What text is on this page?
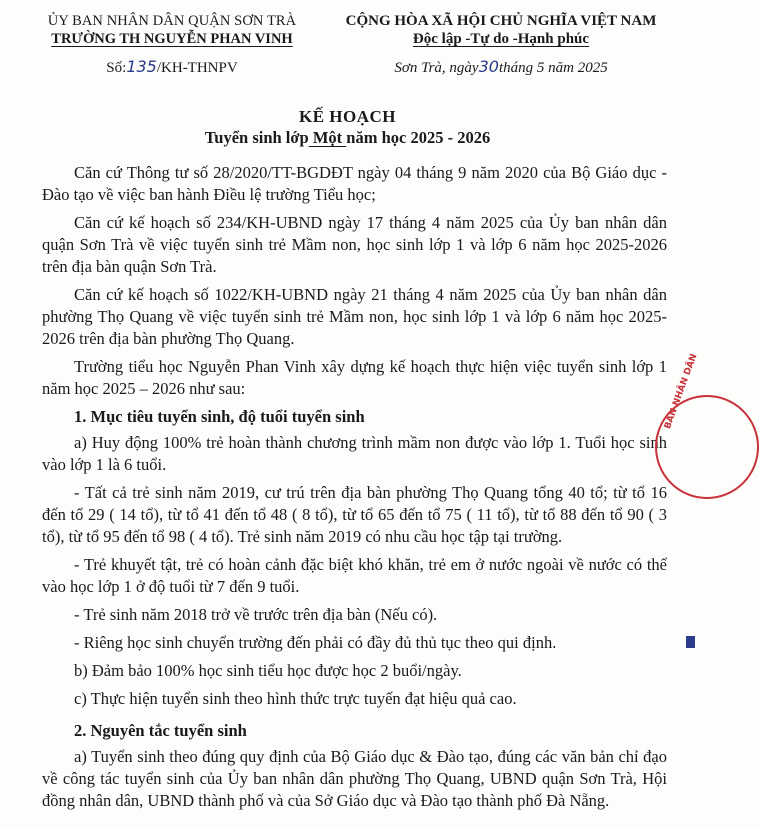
ỦY BAN NHÂN DÂN QUẬN SƠN TRÀ
TRƯỜNG TH NGUYỄN PHAN VINH
Số:135/KH-THNPV
CỘNG HÒA XÃ HỘI CHỦ NGHĨA VIỆT NAM
Độc lập -Tự do -Hạnh phúc
Sơn Trà, ngày30tháng 5 năm 2025
KẾ HOẠCH
Tuyển sinh lớp Một năm học 2025 - 2026

Căn cứ Thông tư số 28/2020/TT-BGDĐT ngày 04 tháng 9 năm 2020 của Bộ Giáo dục - Đào tạo về việc ban hành Điều lệ trường Tiểu học;

Căn cứ kế hoạch số 234/KH-UBND ngày 17 tháng 4 năm 2025 của Ủy ban nhân dân quận Sơn Trà về việc tuyển sinh trẻ Mầm non, học sinh lớp 1 và lớp 6 năm học 2025-2026 trên địa bàn quận Sơn Trà.

Căn cứ kế hoạch số 1022/KH-UBND ngày 21 tháng 4 năm 2025 của Ủy ban nhân dân phường Thọ Quang về việc tuyển sinh trẻ Mầm non, học sinh lớp 1 và lớp 6 năm học 2025-2026 trên địa bàn phường Thọ Quang.

Trường tiểu học Nguyễn Phan Vinh xây dựng kế hoạch thực hiện việc tuyển sinh lớp 1 năm học 2025 – 2026 như sau:

1. Mục tiêu tuyển sinh, độ tuổi tuyển sinh

a) Huy động 100% trẻ hoàn thành chương trình mầm non được vào lớp 1. Tuổi học sinh vào lớp 1 là 6 tuổi.

- Tất cả trẻ sinh năm 2019, cư trú trên địa bàn phường Thọ Quang tổng 40 tổ; từ tổ 16 đến tổ 29 ( 14 tổ), từ tổ 41 đến tổ 48 ( 8 tổ), từ tổ 65 đến tổ 75 ( 11 tổ), từ tổ 88 đến tổ 90 ( 3 tổ), từ tổ 95 đến tổ 98 ( 4 tổ). Trẻ sinh năm 2019 có nhu cầu học tập tại trường.

- Trẻ khuyết tật, trẻ có hoàn cảnh đặc biệt khó khăn, trẻ em ở nước ngoài về nước có thể vào học lớp 1 ở độ tuổi từ 7 đến 9 tuổi.

- Trẻ sinh năm 2018 trở về trước trên địa bàn (Nếu có).

- Riêng học sinh chuyển trường đến phải có đầy đủ thủ tục theo qui định.

b) Đảm bảo 100% học sinh tiểu học được học 2 buổi/ngày.

c) Thực hiện tuyển sinh theo hình thức trực tuyến đạt hiệu quả cao.

2. Nguyên tắc tuyển sinh

a) Tuyển sinh theo đúng quy định của Bộ Giáo dục & Đào tạo, đúng các văn bản chỉ đạo về công tác tuyển sinh của Ủy ban nhân dân phường Thọ Quang, UBND quận Sơn Trà, Hội đồng nhân dân, UBND thành phố và của Sở Giáo dục và Đào tạo thành phố Đà Nẵng.

BAN NHÂN DÂN
